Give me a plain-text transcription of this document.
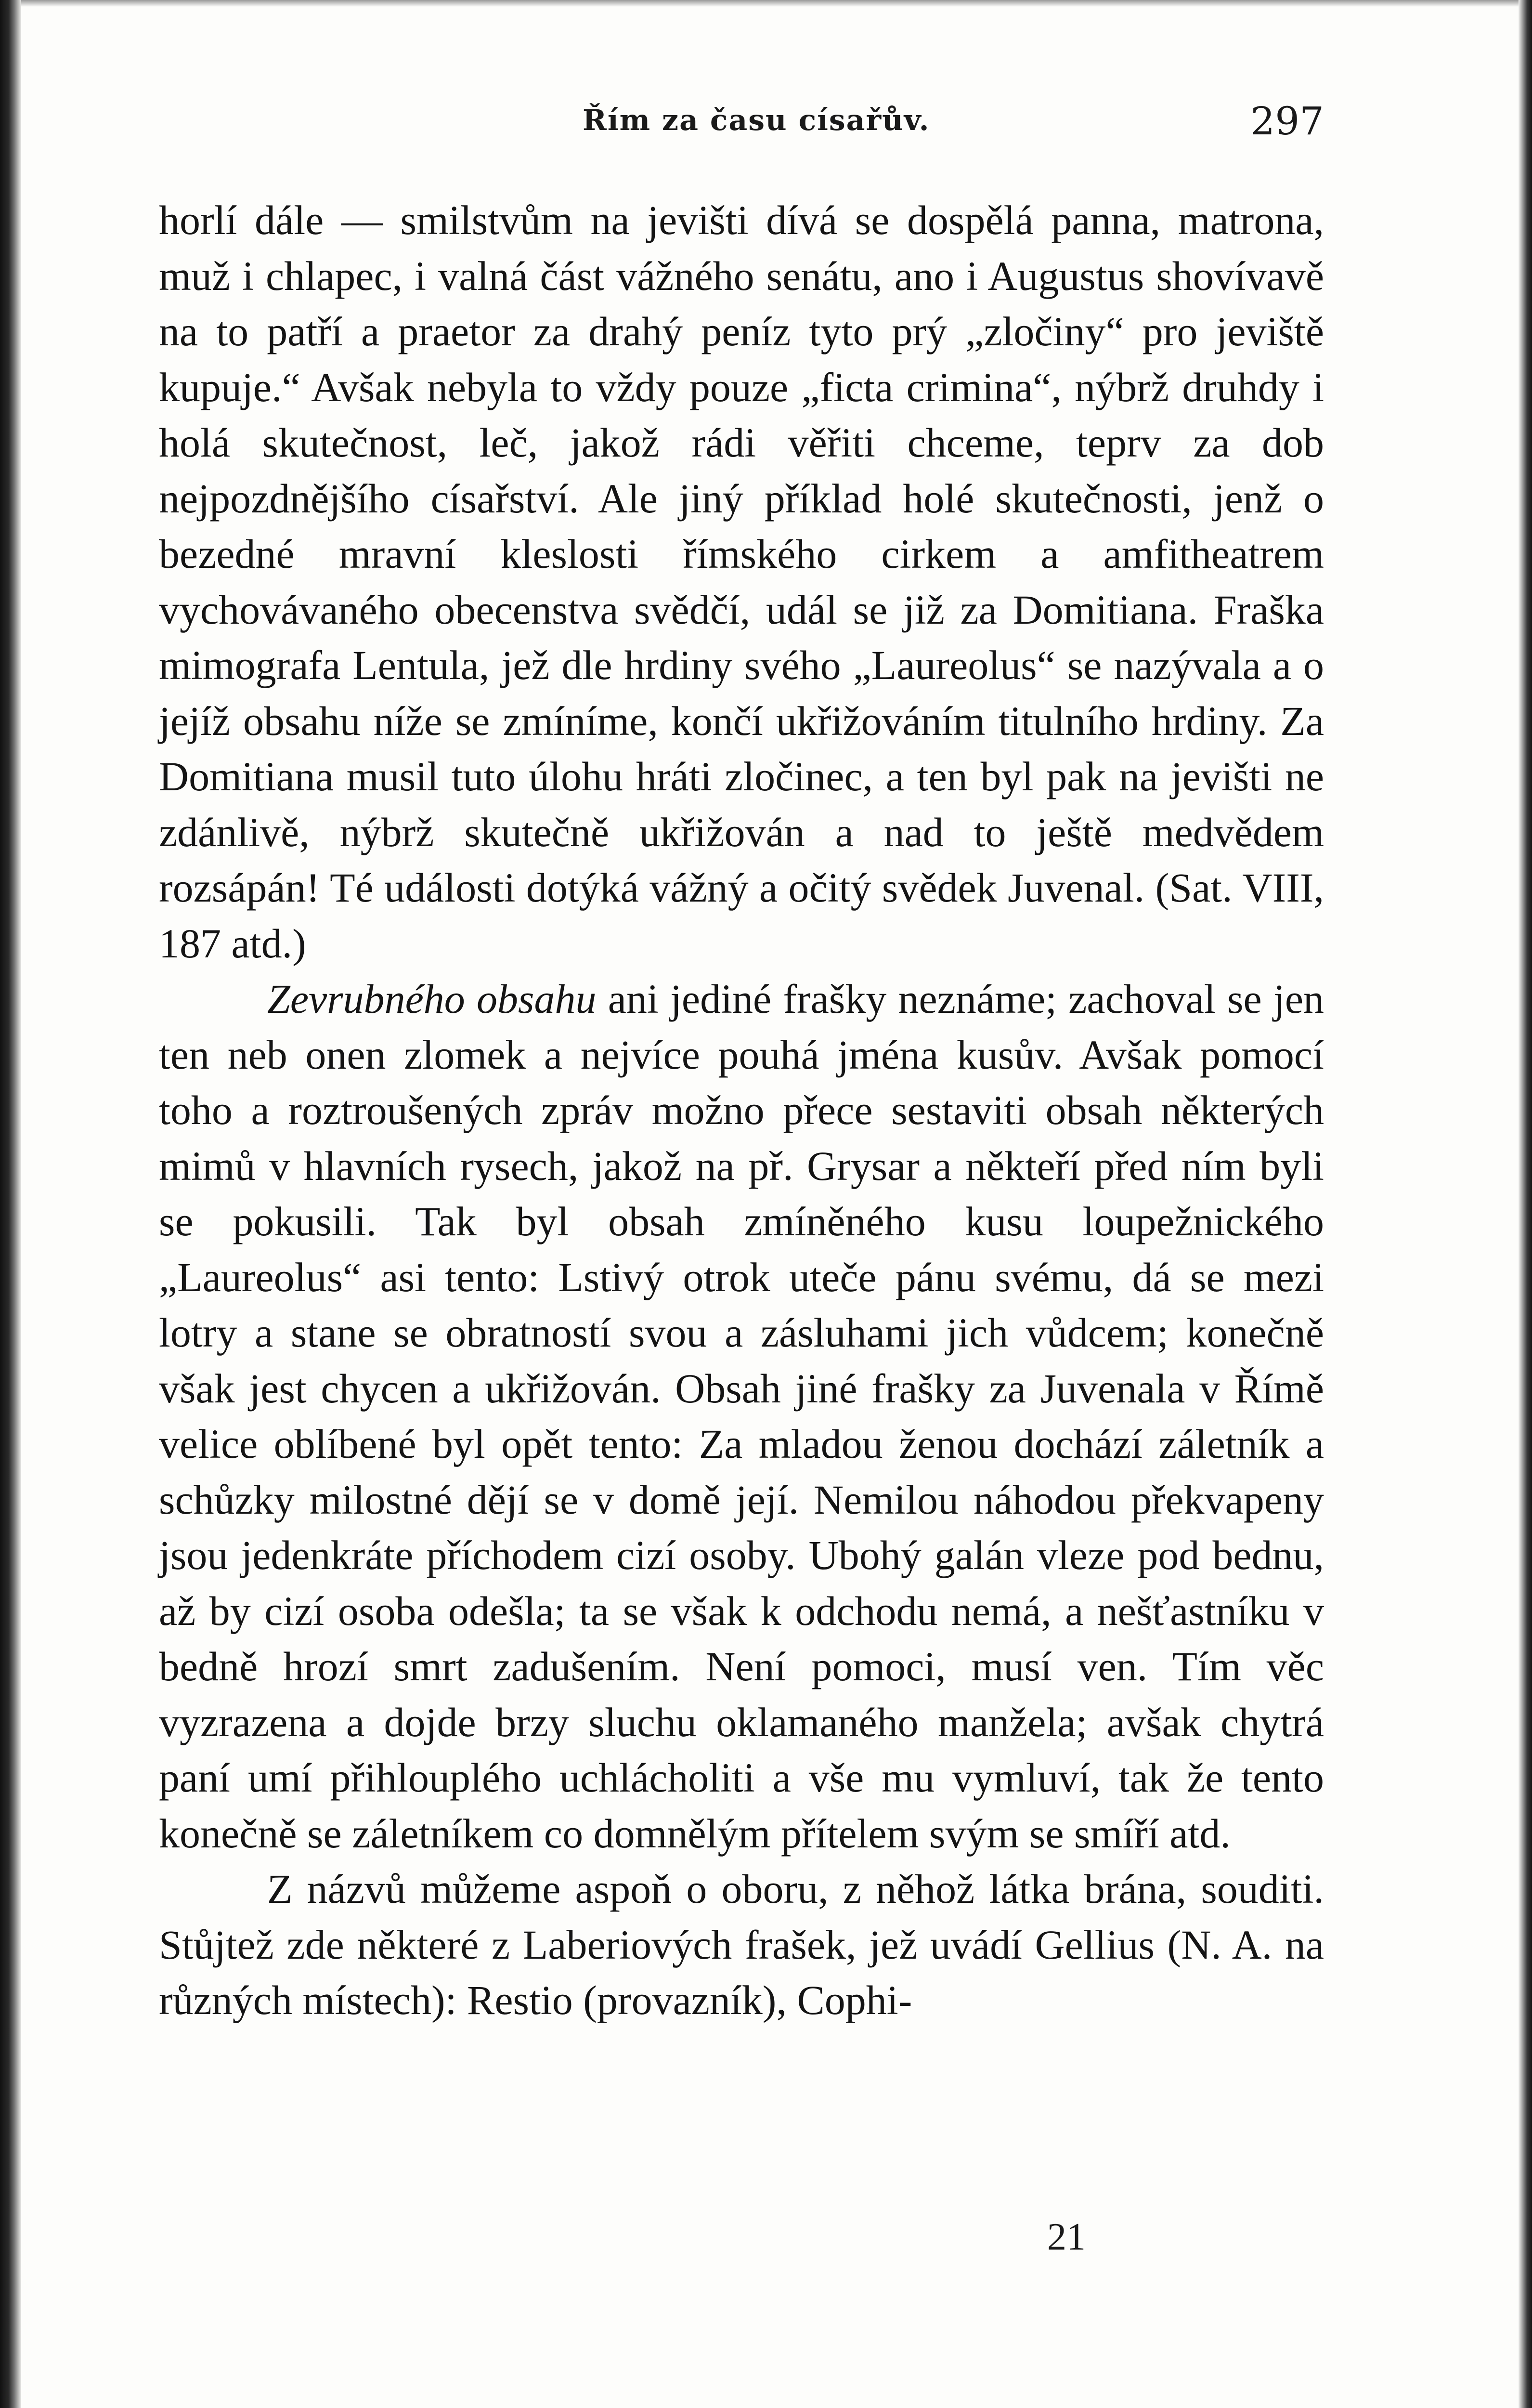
Řím za času císařův.	297

horlí dále — smilstvům na jevišti dívá se dospělá panna, matrona, muž i chlapec, i valná část vážného senátu, ano i Augustus shovívavě na to patří a praetor za drahý peníz tyto prý „zločiny“ pro jeviště kupuje.“ Avšak nebyla to vždy pouze „ficta crimina“, nýbrž druhdy i holá skutečnost, leč, jakož rádi věřiti chceme, teprv za dob nejpozdnějšího císařství. Ale jiný příklad holé skutečnosti, jenž o bezedné mravní kleslosti římského cirkem a amfitheatrem vychovávaného obecenstva svědčí, udál se již za Domitiana. Fraška mimografa Lentula, jež dle hrdiny svého „Laureolus“ se nazývala a o jejíž obsahu níže se zmíníme, končí ukřižováním titulního hrdiny. Za Domitiana musil tuto úlohu hráti zločinec, a ten byl pak na jevišti ne zdánlivě, nýbrž skutečně ukřižován a nad to ještě medvědem rozsápán! Té události dotýká vážný a očitý svědek Juvenal. (Sat. VIII, 187 atd.)

Zevrubného obsahu ani jediné frašky neznáme; zachoval se jen ten neb onen zlomek a nejvíce pouhá jména kusův. Avšak pomocí toho a roztroušených zpráv možno přece sestaviti obsah některých mimů v hlavních rysech, jakož na př. Grysar a někteří před ním byli se pokusili. Tak byl obsah zmíněného kusu loupežnického „Laureolus“ asi tento: Lstivý otrok uteče pánu svému, dá se mezi lotry a stane se obratností svou a zásluhami jich vůdcem; konečně však jest chycen a ukřižován. Obsah jiné frašky za Juvenala v Římě velice oblíbené byl opět tento: Za mladou ženou dochází záletník a schůzky milostné dějí se v domě její. Nemilou náhodou překvapeny jsou jedenkráte příchodem cizí osoby. Ubohý galán vleze pod bednu, až by cizí osoba odešla; ta se však k odchodu nemá, a nešťastníku v bedně hrozí smrt zadušením. Není pomoci, musí ven. Tím věc vyzrazena a dojde brzy sluchu oklamaného manžela; avšak chytrá paní umí přihlouplého uchlácholiti a vše mu vymluví, tak že tento konečně se záletníkem co domnělým přítelem svým se smíří atd.

Z názvů můžeme aspoň o oboru, z něhož látka brána, souditi. Stůjtež zde některé z Laberiových frašek, jež uvádí Gellius (N. A. na různých místech): Restio (provazník), Cophi-

21
